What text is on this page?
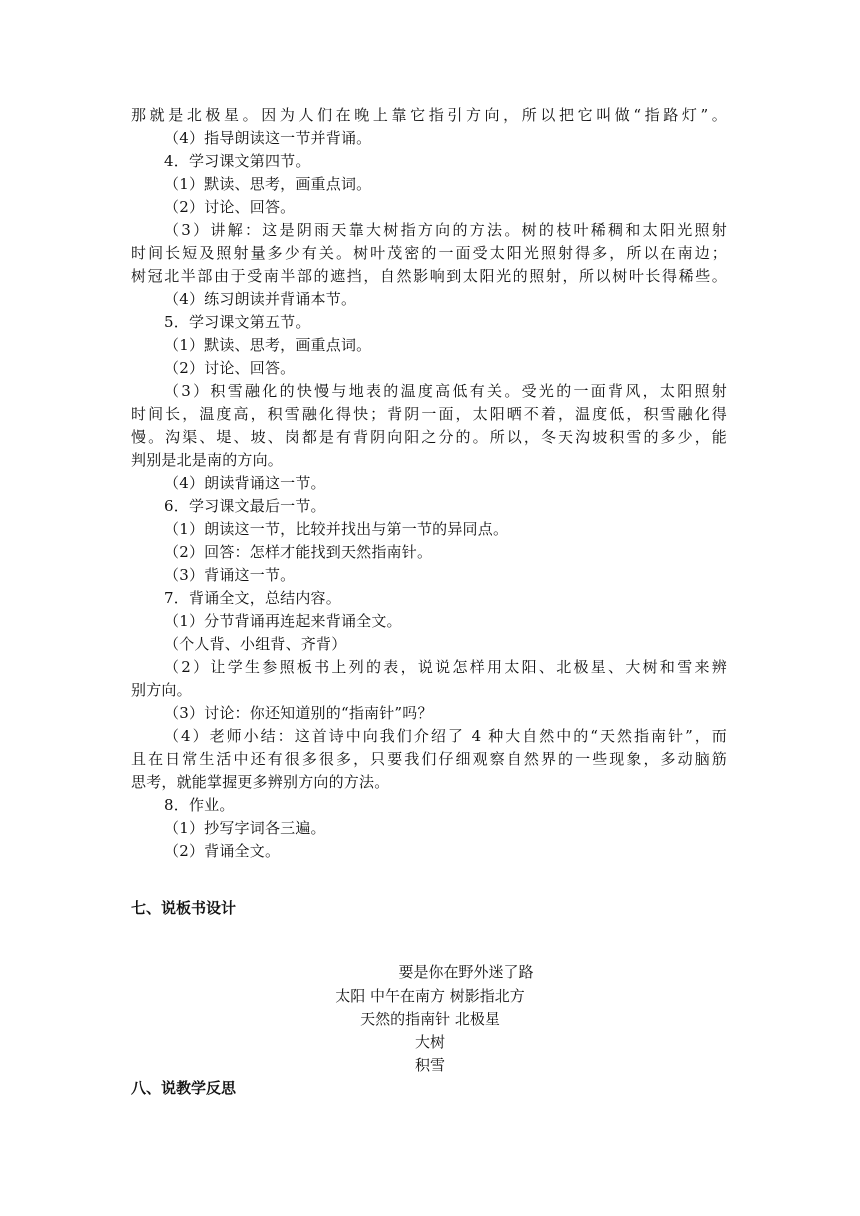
那就是北极星。因为人们在晚上靠它指引方向，所以把它叫做“指路灯”。
（4）指导朗读这一节并背诵。
4．学习课文第四节。
（1）默读、思考，画重点词。
（2）讨论、回答。
（3）讲解：这是阴雨天靠大树指方向的方法。树的枝叶稀稠和太阳光照射
时间长短及照射量多少有关。树叶茂密的一面受太阳光照射得多，所以在南边；
树冠北半部由于受南半部的遮挡，自然影响到太阳光的照射，所以树叶长得稀些。
（4）练习朗读并背诵本节。
5．学习课文第五节。
（1）默读、思考，画重点词。
（2）讨论、回答。
（3）积雪融化的快慢与地表的温度高低有关。受光的一面背风，太阳照射
时间长，温度高，积雪融化得快；背阴一面，太阳晒不着，温度低，积雪融化得
慢。沟渠、堤、坡、岗都是有背阴向阳之分的。所以，冬天沟坡积雪的多少，能
判别是北是南的方向。
（4）朗读背诵这一节。
6．学习课文最后一节。
（1）朗读这一节，比较并找出与第一节的异同点。
（2）回答：怎样才能找到天然指南针。
（3）背诵这一节。
7．背诵全文，总结内容。
（1）分节背诵再连起来背诵全文。
（个人背、小组背、齐背）
（2）让学生参照板书上列的表，说说怎样用太阳、北极星、大树和雪来辨
别方向。
（3）讨论：你还知道别的“指南针”吗？
（4）老师小结：这首诗中向我们介绍了 4 种大自然中的“天然指南针”，而
且在日常生活中还有很多很多，只要我们仔细观察自然界的一些现象，多动脑筋
思考，就能掌握更多辨别方向的方法。
8．作业。
（1）抄写字词各三遍。
（2）背诵全文。
七、说板书设计
要是你在野外迷了路
太阳 中午在南方 树影指北方
天然的指南针 北极星
大树
积雪
八、说教学反思
